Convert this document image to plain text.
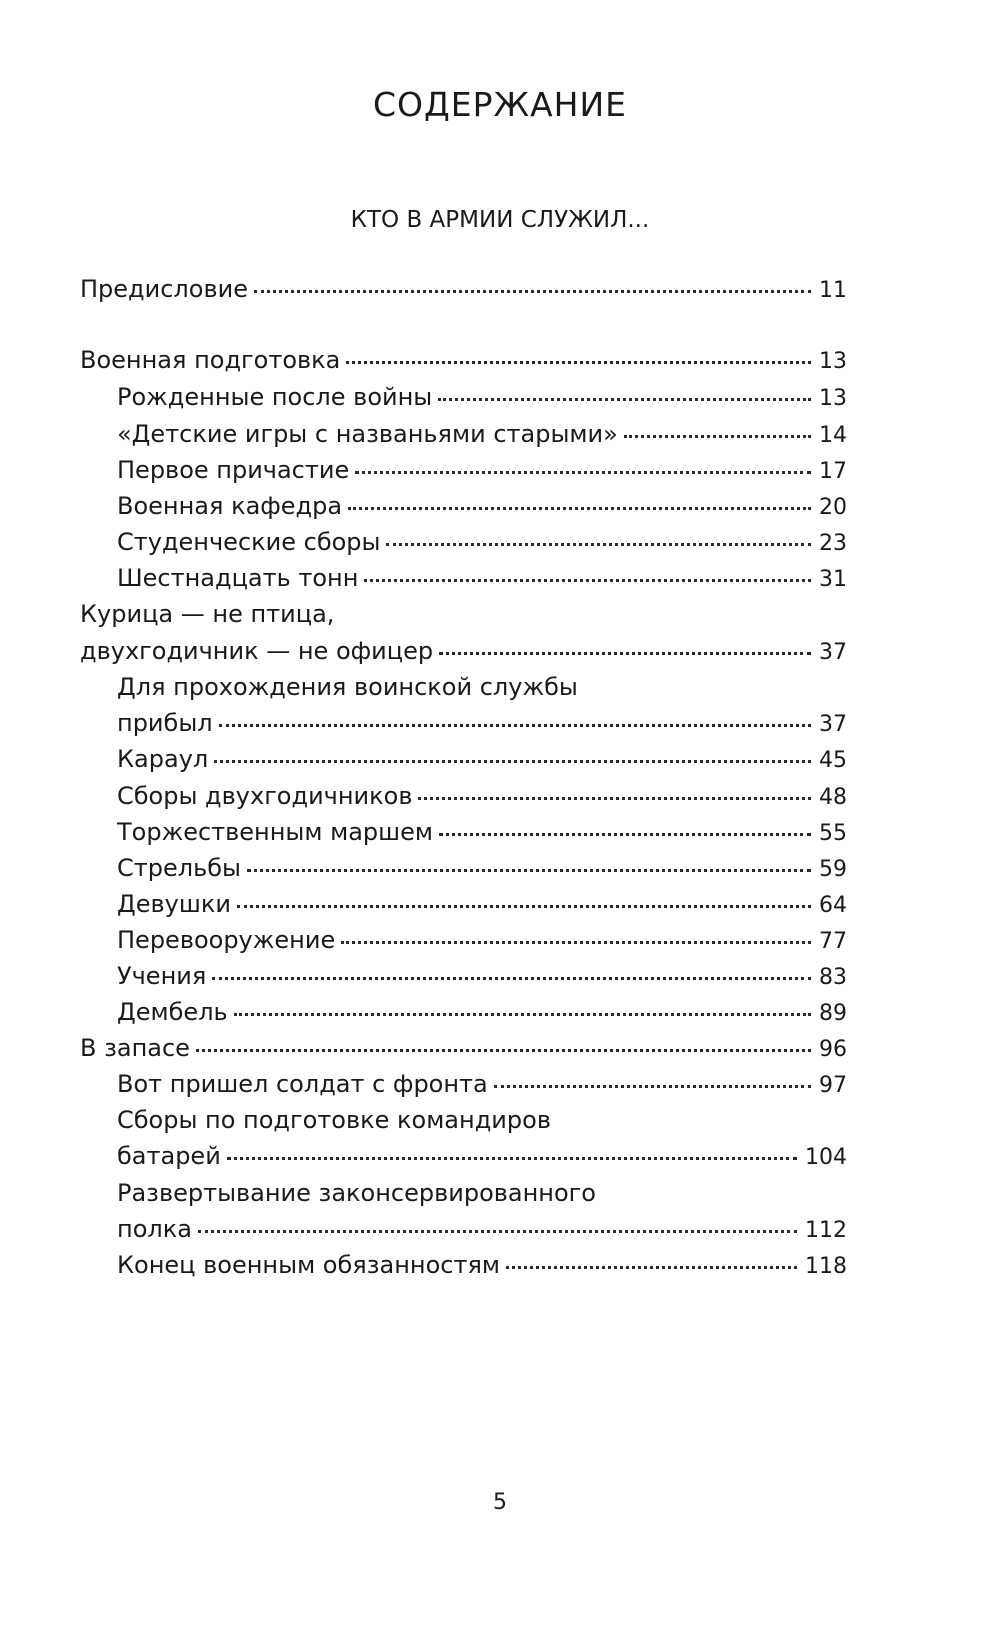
СОДЕРЖАНИЕ
КТО В АРМИИ СЛУЖИЛ...
Предисловие	11
Военная подготовка	13
Рожденные после войны	13
«Детские игры с названьями старыми»	14
Первое причастие	17
Военная кафедра	20
Студенческие сборы	23
Шестнадцать тонн	31
Курица — не птица,
двухгодичник — не офицер	37
Для прохождения воинской службы
прибыл	37
Караул	45
Сборы двухгодичников	48
Торжественным маршем	55
Стрельбы	59
Девушки	64
Перевооружение	77
Учения	83
Дембель	89
В запасе	96
Вот пришел солдат с фронта	97
Сборы по подготовке командиров
батарей	104
Развертывание законсервированного
полка	112
Конец военным обязанностям	118
5
